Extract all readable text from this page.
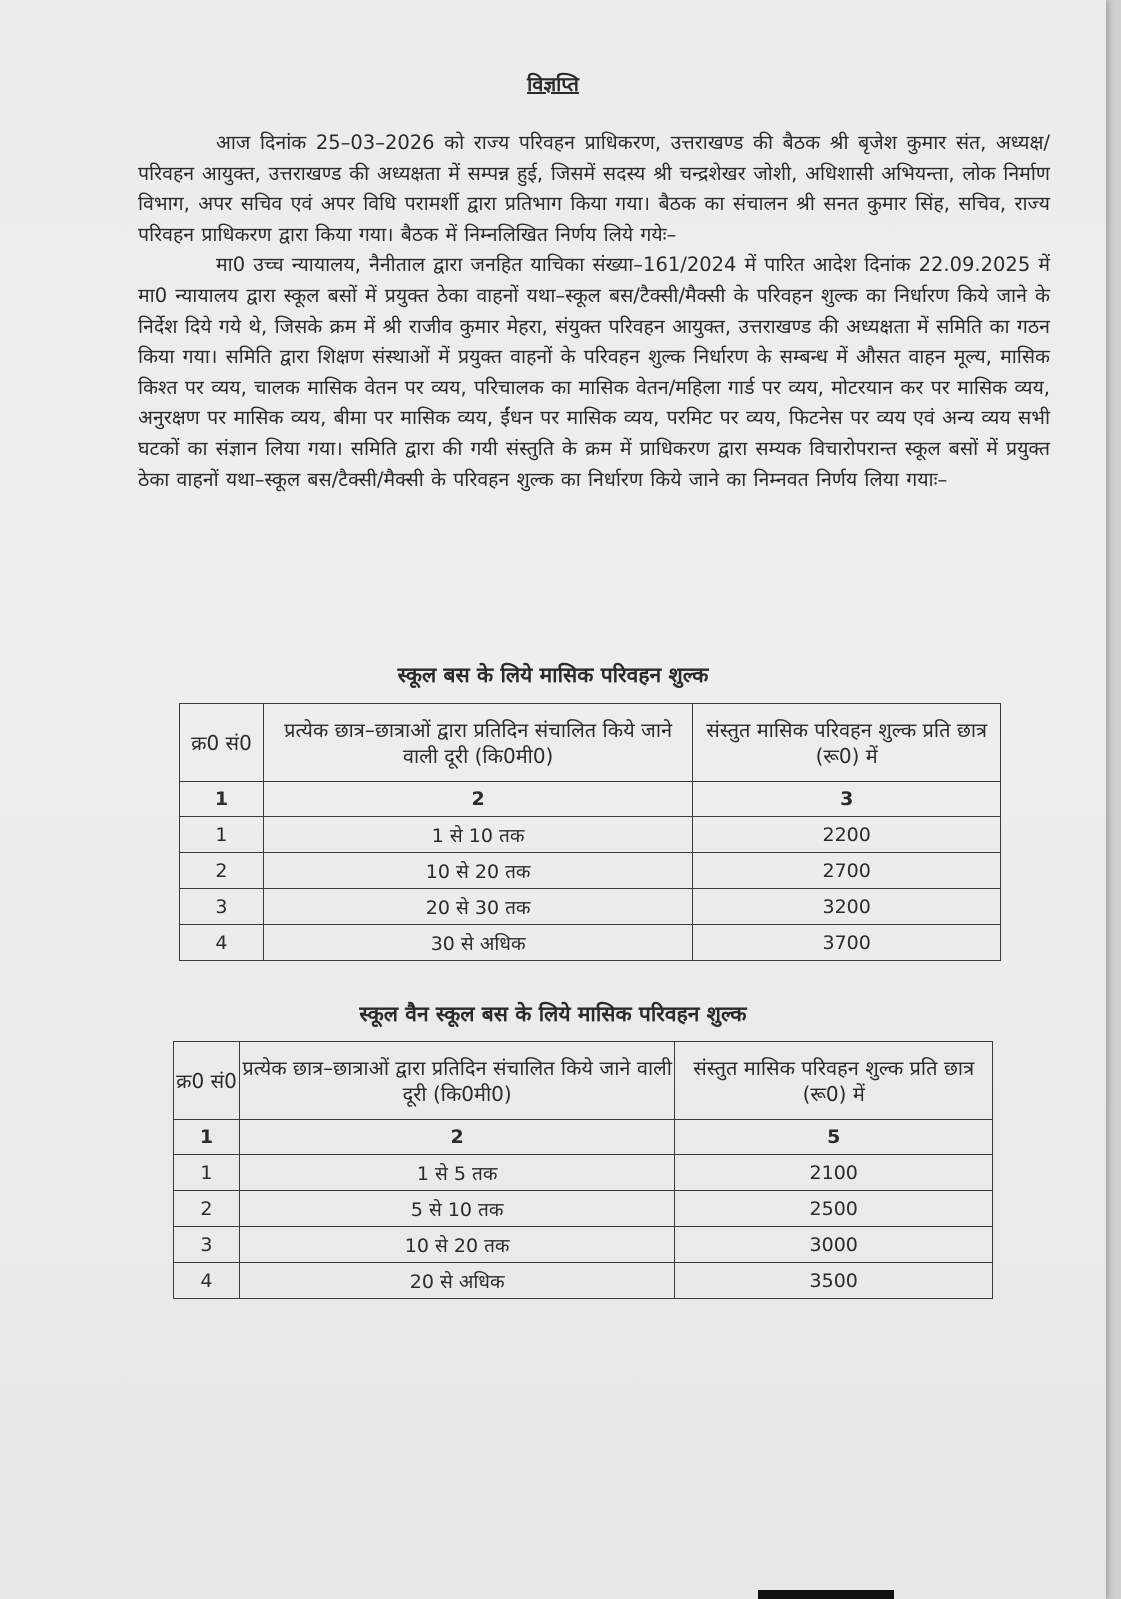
विज्ञप्ति

आज दिनांक 25–03–2026 को राज्य परिवहन प्राधिकरण, उत्तराखण्ड की बैठक श्री बृजेश कुमार संत, अध्यक्ष/परिवहन आयुक्त, उत्तराखण्ड की अध्यक्षता में सम्पन्न हुई, जिसमें सदस्य श्री चन्द्रशेखर जोशी, अधिशासी अभियन्ता, लोक निर्माण विभाग, अपर सचिव एवं अपर विधि परामर्शी द्वारा प्रतिभाग किया गया। बैठक का संचालन श्री सनत कुमार सिंह, सचिव, राज्य परिवहन प्राधिकरण द्वारा किया गया। बैठक में निम्नलिखित निर्णय लिये गयेः–

मा0 उच्च न्यायालय, नैनीताल द्वारा जनहित याचिका संख्या–161/2024 में पारित आदेश दिनांक 22.09.2025 में मा0 न्यायालय द्वारा स्कूल बसों में प्रयुक्त ठेका वाहनों यथा–स्कूल बस/टैक्सी/मैक्सी के परिवहन शुल्क का निर्धारण किये जाने के निर्देश दिये गये थे, जिसके क्रम में श्री राजीव कुमार मेहरा, संयुक्त परिवहन आयुक्त, उत्तराखण्ड की अध्यक्षता में समिति का गठन किया गया। समिति द्वारा शिक्षण संस्थाओं में प्रयुक्त वाहनों के परिवहन शुल्क निर्धारण के सम्बन्ध में औसत वाहन मूल्य, मासिक किश्त पर व्यय, चालक मासिक वेतन पर व्यय, परिचालक का मासिक वेतन/महिला गार्ड पर व्यय, मोटरयान कर पर मासिक व्यय, अनुरक्षण पर मासिक व्यय, बीमा पर मासिक व्यय, ईंधन पर मासिक व्यय, परमिट पर व्यय, फिटनेस पर व्यय एवं अन्य व्यय सभी घटकों का संज्ञान लिया गया। समिति द्वारा की गयी संस्तुति के क्रम में प्राधिकरण द्वारा सम्यक विचारोपरान्त स्कूल बसों में प्रयुक्त ठेका वाहनों यथा–स्कूल बस/टैक्सी/मैक्सी के परिवहन शुल्क का निर्धारण किये जाने का निम्नवत निर्णय लिया गयाः–

स्कूल बस के लिये मासिक परिवहन शुल्क
क्र0 सं0	प्रत्येक छात्र–छात्राओं द्वारा प्रतिदिन संचालित किये जाने वाली दूरी (कि0मी0)	संस्तुत मासिक परिवहन शुल्क प्रति छात्र (रू0) में
1	2	3
1	1 से 10 तक	2200
2	10 से 20 तक	2700
3	20 से 30 तक	3200
4	30 से अधिक	3700
स्कूल वैन स्कूल बस के लिये मासिक परिवहन शुल्क
क्र0 सं0	प्रत्येक छात्र–छात्राओं द्वारा प्रतिदिन संचालित किये जाने वाली दूरी (कि0मी0)	संस्तुत मासिक परिवहन शुल्क प्रति छात्र (रू0) में
1	2	5
1	1 से 5 तक	2100
2	5 से 10 तक	2500
3	10 से 20 तक	3000
4	20 से अधिक	3500
